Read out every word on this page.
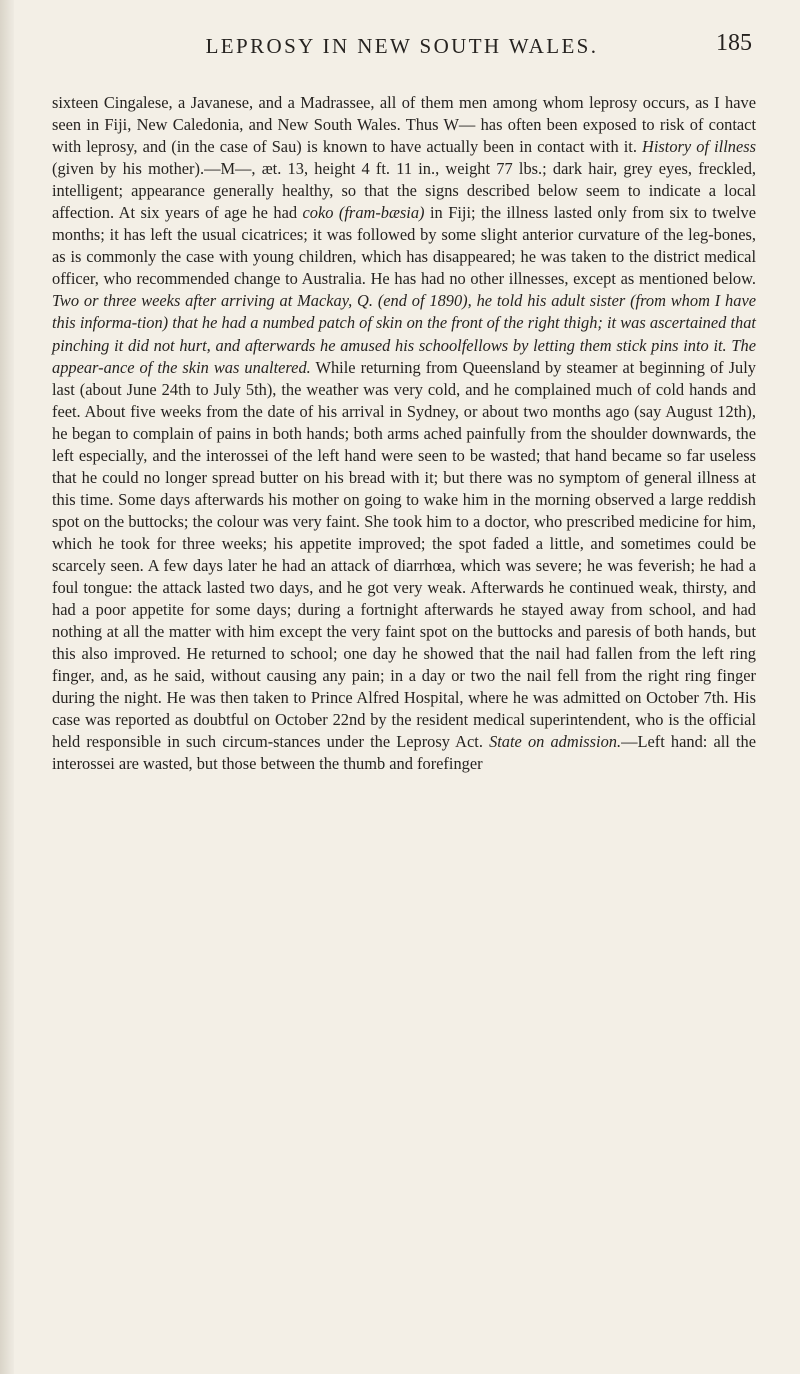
LEPROSY IN NEW SOUTH WALES.	185

sixteen Cingalese, a Javanese, and a Madrassee, all of them men among whom leprosy occurs, as I have seen in Fiji, New Caledonia, and New South Wales. Thus W— has often been exposed to risk of contact with leprosy, and (in the case of Sau) is known to have actually been in contact with it. History of illness (given by his mother).—M—, æt. 13, height 4 ft. 11 in., weight 77 lbs.; dark hair, grey eyes, freckled, intelligent; appearance generally healthy, so that the signs described below seem to indicate a local affection. At six years of age he had coko (fram-bæsia) in Fiji; the illness lasted only from six to twelve months; it has left the usual cicatrices; it was followed by some slight anterior curvature of the leg-bones, as is commonly the case with young children, which has disappeared; he was taken to the district medical officer, who recommended change to Australia. He has had no other illnesses, except as mentioned below. Two or three weeks after arriving at Mackay, Q. (end of 1890), he told his adult sister (from whom I have this informa-tion) that he had a numbed patch of skin on the front of the right thigh; it was ascertained that pinching it did not hurt, and afterwards he amused his schoolfellows by letting them stick pins into it. The appear-ance of the skin was unaltered. While returning from Queensland by steamer at beginning of July last (about June 24th to July 5th), the weather was very cold, and he complained much of cold hands and feet. About five weeks from the date of his arrival in Sydney, or about two months ago (say August 12th), he began to complain of pains in both hands; both arms ached painfully from the shoulder downwards, the left especially, and the interossei of the left hand were seen to be wasted; that hand became so far useless that he could no longer spread butter on his bread with it; but there was no symptom of general illness at this time. Some days afterwards his mother on going to wake him in the morning observed a large reddish spot on the buttocks; the colour was very faint. She took him to a doctor, who prescribed medicine for him, which he took for three weeks; his appetite improved; the spot faded a little, and sometimes could be scarcely seen. A few days later he had an attack of diarrhœa, which was severe; he was feverish; he had a foul tongue: the attack lasted two days, and he got very weak. Afterwards he continued weak, thirsty, and had a poor appetite for some days; during a fortnight afterwards he stayed away from school, and had nothing at all the matter with him except the very faint spot on the buttocks and paresis of both hands, but this also improved. He returned to school; one day he showed that the nail had fallen from the left ring finger, and, as he said, without causing any pain; in a day or two the nail fell from the right ring finger during the night. He was then taken to Prince Alfred Hospital, where he was admitted on October 7th. His case was reported as doubtful on October 22nd by the resident medical superintendent, who is the official held responsible in such circum-stances under the Leprosy Act. State on admission.—Left hand: all the interossei are wasted, but those between the thumb and forefinger
